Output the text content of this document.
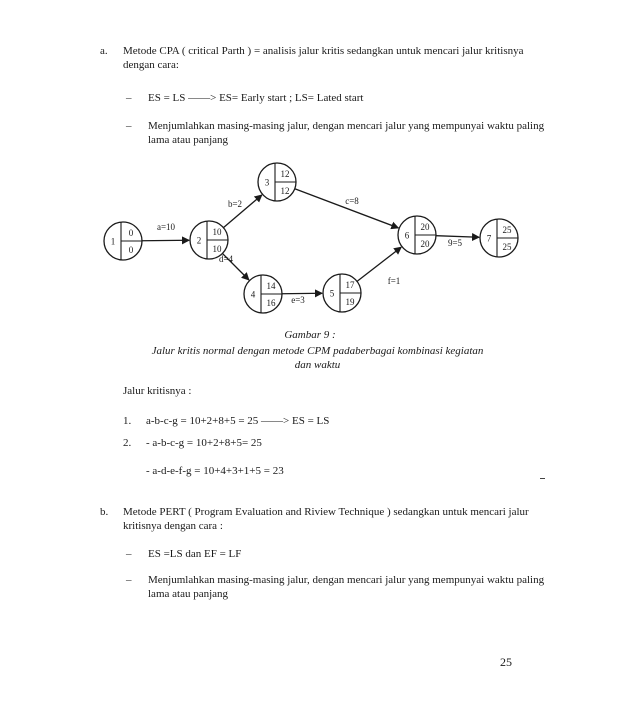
a. Metode CPA ( critical Parth ) = analisis jalur kritis sedangkan untuk mencari jalur kritisnya dengan cara:
– ES = LS ——> ES= Early start ; LS= Lated start
– Menjumlahkan masing-masing jalur, dengan mencari jalur yang mempunyai waktu paling lama atau panjang
a=10
b=2	c=8
d=4
e=3
f=1
9=5
1
0
0
2
10
10
3
12
12
4
14
16
5
17
19
6
20
20
7
25
25
Gambar 9 :
Jalur kritis normal dengan metode CPM padaberbagai kombinasi kegiatan dan waktu
Jalur kritisnya :
1. a-b-c-g = 10+2+8+5 = 25 ——> ES = LS
2. - a-b-c-g = 10+2+8+5= 25
- a-d-e-f-g = 10+4+3+1+5 = 23
b. Metode PERT ( Program Evaluation and Riview Technique ) sedangkan untuk mencari jalur kritisnya dengan cara :
– ES =LS dan EF = LF
– Menjumlahkan masing-masing jalur, dengan mencari jalur yang mempunyai waktu paling lama atau panjang
25
